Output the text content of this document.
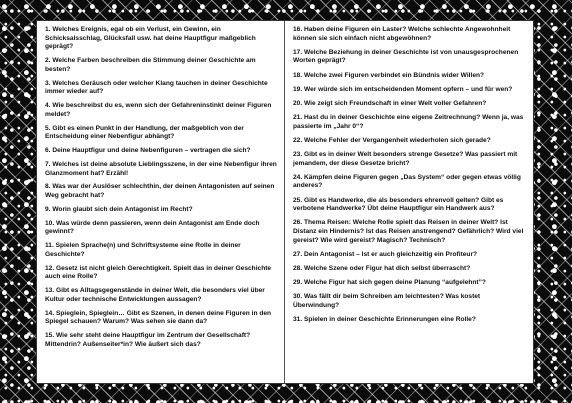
1. Welches Ereignis, egal ob ein Verlust, ein Gewinn, ein Schicksalsschlag, Glücksfall usw. hat deine Hauptfigur maßgeblich geprägt?

2. Welche Farben beschreiben die Stimmung deiner Geschichte am besten?

3. Welches Geräusch oder welcher Klang tauchen in deiner Geschichte immer wieder auf?

4. Wie beschreibst du es, wenn sich der Gefahreninstinkt deiner Figuren meldet?

5. Gibt es einen Punkt in der Handlung, der maßgeblich von der Entscheidung einer Nebenfigur abhängt?

6. Deine Hauptfigur und deine Nebenfiguren – vertragen die sich?

7. Welches ist deine absolute Lieblingsszene, in der eine Nebenfigur ihren Glanzmoment hat? Erzähl!

8. Was war der Auslöser schlechthin, der deinen Antagonisten auf seinen Weg gebracht hat?

9. Worin glaubt sich dein Antagonist im Recht?

10. Was würde denn passieren, wenn dein Antagonist am Ende doch gewinnt?

11. Spielen Sprache(n) und Schriftsysteme eine Rolle in deiner Geschichte?

12. Gesetz ist nicht gleich Gerechtigkeit. Spielt das in deiner Geschichte auch eine Rolle?

13. Gibt es Alltagsgegenstände in deiner Welt, die besonders viel über Kultur oder technische Entwicklungen aussagen?

14. Spieglein, Spieglein… Gibt es Szenen, in denen deine Figuren in den Spiegel schauen? Warum? Was sehen sie dann da?

15. Wie sehr steht deine Hauptfigur im Zentrum der Gesellschaft? Mittendrin? Außenseiter*in? Wie äußert sich das?

16. Haben deine Figuren ein Laster? Welche schlechte Angewohnheit können sie sich einfach nicht abgewöhnen?

17. Welche Beziehung in deiner Geschichte ist von unausgesprochenen Worten geprägt?

18. Welche zwei Figuren verbindet ein Bündnis wider Willen?

19. Wer würde sich im entscheidenden Moment opfern – und für wen?

20. Wie zeigt sich Freundschaft in einer Welt voller Gefahren?

21. Hast du in deiner Geschichte eine eigene Zeitrechnung? Wenn ja, was passierte im „Jahr 0“?

22. Welche Fehler der Vergangenheit wiederholen sich gerade?

23. Gibt es in deiner Welt besonders strenge Gesetze? Was passiert mit jemandem, der diese Gesetze bricht?

24. Kämpfen deine Figuren gegen „Das System“ oder gegen etwas völlig anderes?

25. Gibt es Handwerke, die als besonders ehrenvoll gelten? Gibt es verbotene Handwerke? Übt deine Hauptfigur ein Handwerk aus?

26. Thema Reisen: Welche Rolle spielt das Reisen in deiner Welt? Ist Distanz ein Hindernis? Ist das Reisen anstrengend? Gefährlich? Wird viel gereist? Wie wird gereist? Magisch? Technisch?

27. Dein Antagonist – Ist er auch gleichzeitig ein Profiteur?

28. Welche Szene oder Figur hat dich selbst überrascht?

29. Welche Figur hat sich gegen deine Planung “aufgelehnt”?

30. Was fällt dir beim Schreiben am leichtesten? Was kostet Überwindung?

31. Spielen in deiner Geschichte Erinnerungen eine Rolle?
